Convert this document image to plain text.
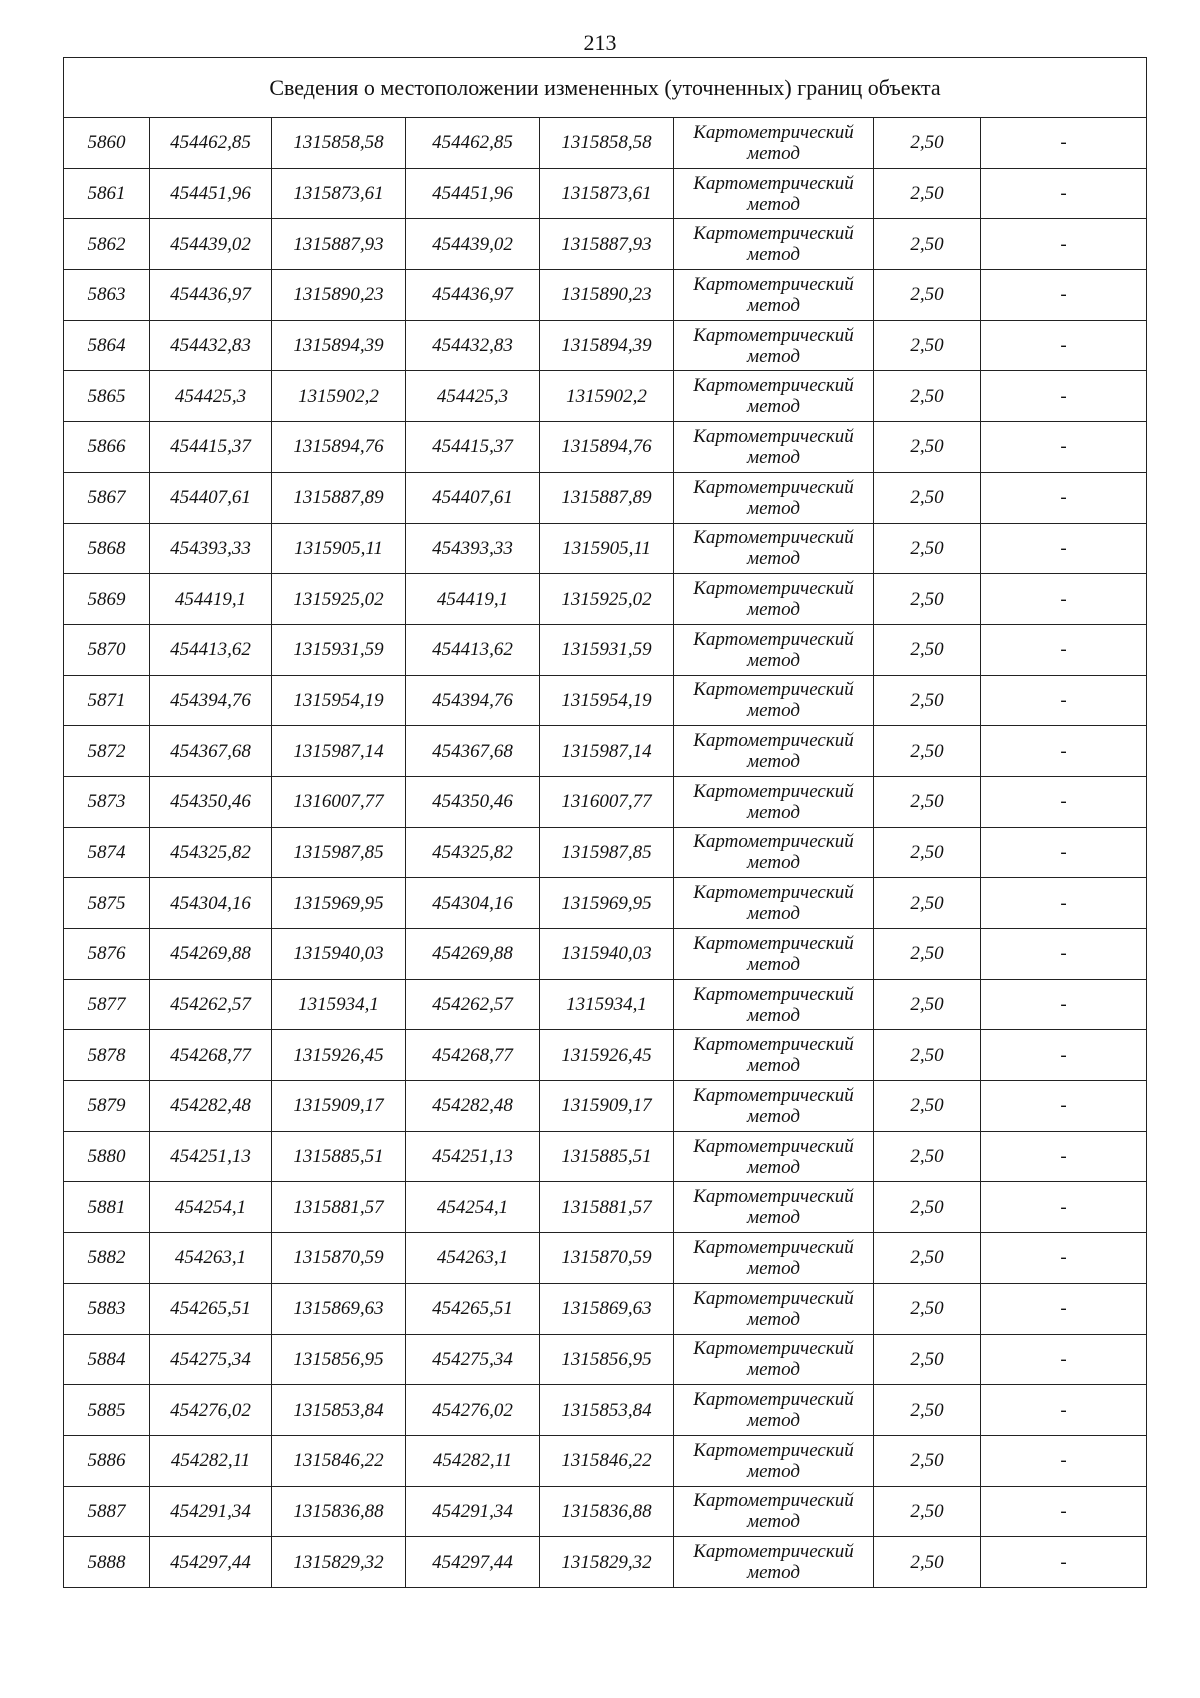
213
Сведения о местоположении измененных (уточненных) границ объекта							
5860	454462,85	1315858,58	454462,85	1315858,58	Картометрический метод	2,50	-
5861	454451,96	1315873,61	454451,96	1315873,61	Картометрический метод	2,50	-
5862	454439,02	1315887,93	454439,02	1315887,93	Картометрический метод	2,50	-
5863	454436,97	1315890,23	454436,97	1315890,23	Картометрический метод	2,50	-
5864	454432,83	1315894,39	454432,83	1315894,39	Картометрический метод	2,50	-
5865	454425,3	1315902,2	454425,3	1315902,2	Картометрический метод	2,50	-
5866	454415,37	1315894,76	454415,37	1315894,76	Картометрический метод	2,50	-
5867	454407,61	1315887,89	454407,61	1315887,89	Картометрический метод	2,50	-
5868	454393,33	1315905,11	454393,33	1315905,11	Картометрический метод	2,50	-
5869	454419,1	1315925,02	454419,1	1315925,02	Картометрический метод	2,50	-
5870	454413,62	1315931,59	454413,62	1315931,59	Картометрический метод	2,50	-
5871	454394,76	1315954,19	454394,76	1315954,19	Картометрический метод	2,50	-
5872	454367,68	1315987,14	454367,68	1315987,14	Картометрический метод	2,50	-
5873	454350,46	1316007,77	454350,46	1316007,77	Картометрический метод	2,50	-
5874	454325,82	1315987,85	454325,82	1315987,85	Картометрический метод	2,50	-
5875	454304,16	1315969,95	454304,16	1315969,95	Картометрический метод	2,50	-
5876	454269,88	1315940,03	454269,88	1315940,03	Картометрический метод	2,50	-
5877	454262,57	1315934,1	454262,57	1315934,1	Картометрический метод	2,50	-
5878	454268,77	1315926,45	454268,77	1315926,45	Картометрический метод	2,50	-
5879	454282,48	1315909,17	454282,48	1315909,17	Картометрический метод	2,50	-
5880	454251,13	1315885,51	454251,13	1315885,51	Картометрический метод	2,50	-
5881	454254,1	1315881,57	454254,1	1315881,57	Картометрический метод	2,50	-
5882	454263,1	1315870,59	454263,1	1315870,59	Картометрический метод	2,50	-
5883	454265,51	1315869,63	454265,51	1315869,63	Картометрический метод	2,50	-
5884	454275,34	1315856,95	454275,34	1315856,95	Картометрический метод	2,50	-
5885	454276,02	1315853,84	454276,02	1315853,84	Картометрический метод	2,50	-
5886	454282,11	1315846,22	454282,11	1315846,22	Картометрический метод	2,50	-
5887	454291,34	1315836,88	454291,34	1315836,88	Картометрический метод	2,50	-
5888	454297,44	1315829,32	454297,44	1315829,32	Картометрический метод	2,50	-
